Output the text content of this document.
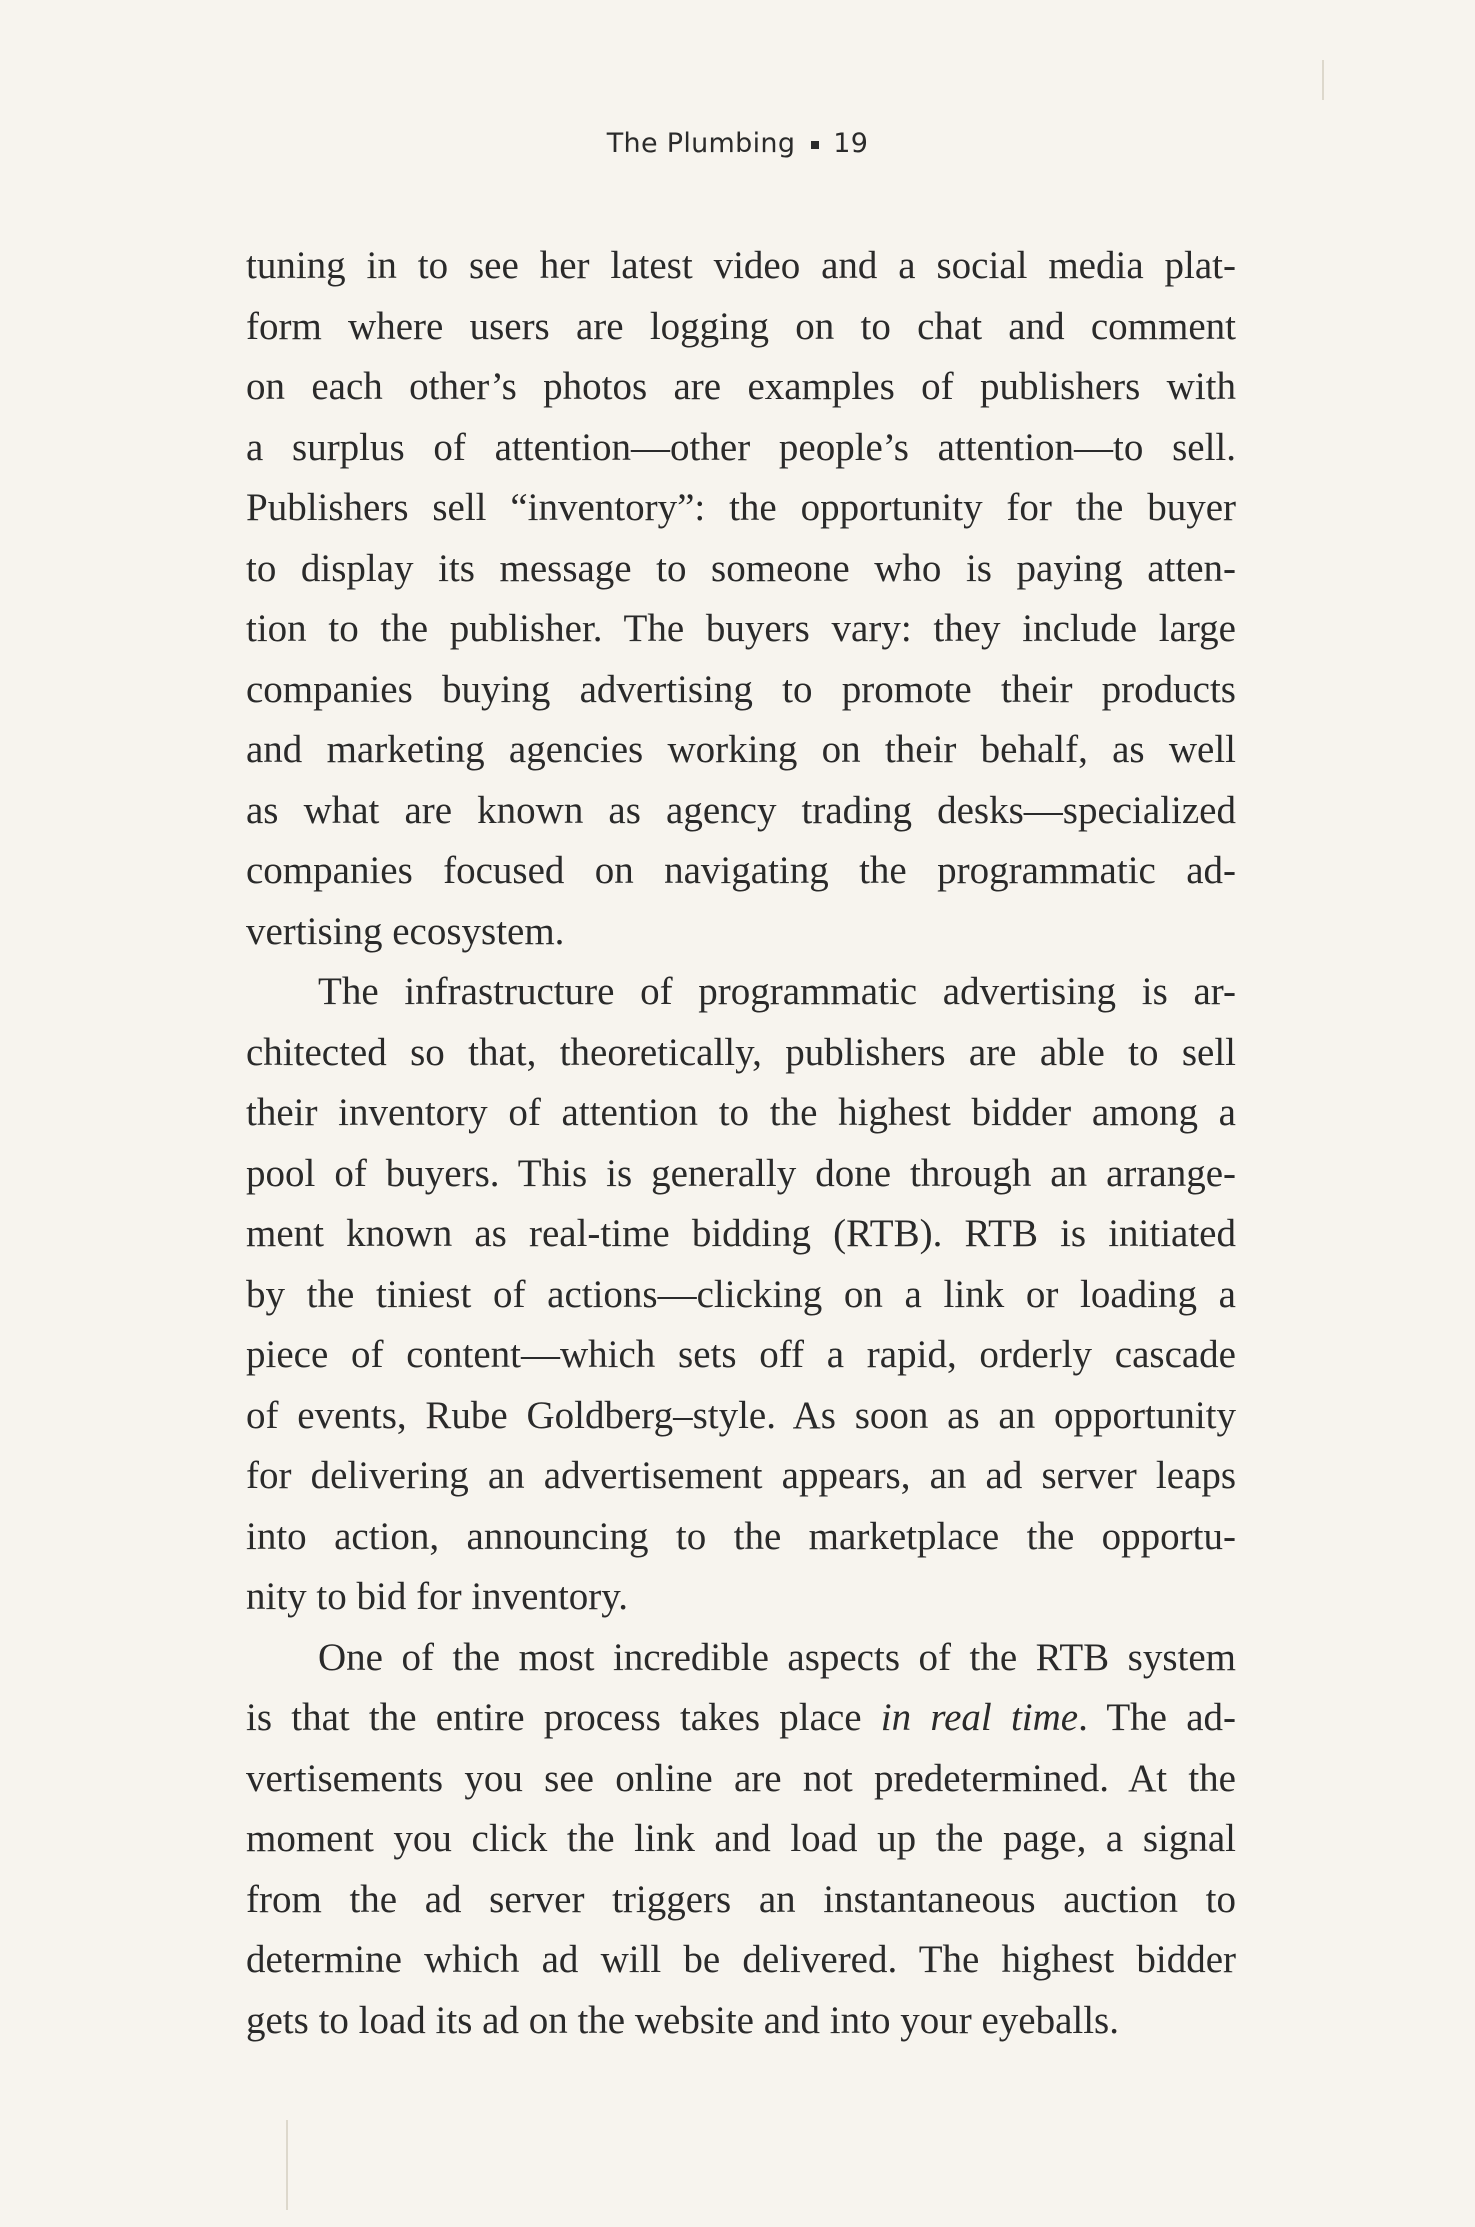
The Plumbing 19
tuning in to see her latest video and a social media plat-
form where users are logging on to chat and comment
on each other’s photos are examples of publishers with
a surplus of attention—other people’s attention—to sell.
Publishers sell “inventory”: the opportunity for the buyer
to display its message to someone who is paying atten-
tion to the publisher. The buyers vary: they include large
companies buying advertising to promote their products
and marketing agencies working on their behalf, as well
as what are known as agency trading desks—specialized
companies focused on navigating the programmatic ad-
vertising ecosystem.
The infrastructure of programmatic advertising is ar-
chitected so that, theoretically, publishers are able to sell
their inventory of attention to the highest bidder among a
pool of buyers. This is generally done through an arrange-
ment known as real-time bidding (RTB). RTB is initiated
by the tiniest of actions—clicking on a link or loading a
piece of content—which sets off a rapid, orderly cascade
of events, Rube Goldberg–style. As soon as an opportunity
for delivering an advertisement appears, an ad server leaps
into action, announcing to the marketplace the opportu-
nity to bid for inventory.
One of the most incredible aspects of the RTB system
is that the entire process takes place in real time. The ad-
vertisements you see online are not predetermined. At the
moment you click the link and load up the page, a signal
from the ad server triggers an instantaneous auction to
determine which ad will be delivered. The highest bidder
gets to load its ad on the website and into your eyeballs.
